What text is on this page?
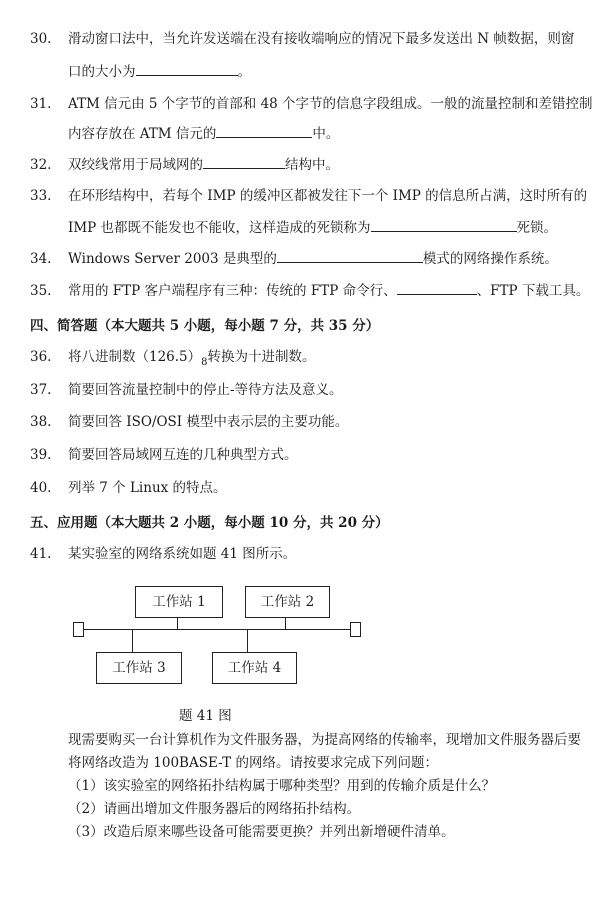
30. 滑动窗口法中，当允许发送端在没有接收端响应的情况下最多发送出 N 帧数据，则窗
口的大小为	。
31. ATM 信元由 5 个字节的首部和 48 个字节的信息字段组成。一般的流量控制和差错控制
内容存放在 ATM 信元的	中。
32. 双绞线常用于局域网的	结构中。
33. 在环形结构中，若每个 IMP 的缓冲区都被发往下一个 IMP 的信息所占满，这时所有的
IMP 也都既不能发也不能收，这样造成的死锁称为	死锁。
34. Windows Server 2003 是典型的	模式的网络操作系统。
35. 常用的 FTP 客户端程序有三种：传统的 FTP 命令行、	、FTP 下载工具。
四、简答题（本大题共 5 小题，每小题 7 分，共 35 分）
36. 将八进制数$(126.5)_8$转换为十进制数。
37. 简要回答流量控制中的停止-等待方法及意义。
38. 简要回答 ISO/OSI 模型中表示层的主要功能。
39. 简要回答局域网互连的几种典型方式。
40. 列举 7 个 Linux 的特点。
五、应用题（本大题共 2 小题，每小题 10 分，共 20 分）
41. 某实验室的网络系统如题 41 图所示。
工作站 1	工作站 2
工作站 3	工作站 4
题 41 图
现需要购买一台计算机作为文件服务器，为提高网络的传输率，现增加文件服务器后要
将网络改造为 100BASE-T 的网络。请按要求完成下列问题：
（1）该实验室的网络拓扑结构属于哪种类型？用到的传输介质是什么？
（2）请画出增加文件服务器后的网络拓扑结构。
（3）改造后原来哪些设备可能需要更换？并列出新增硬件清单。
